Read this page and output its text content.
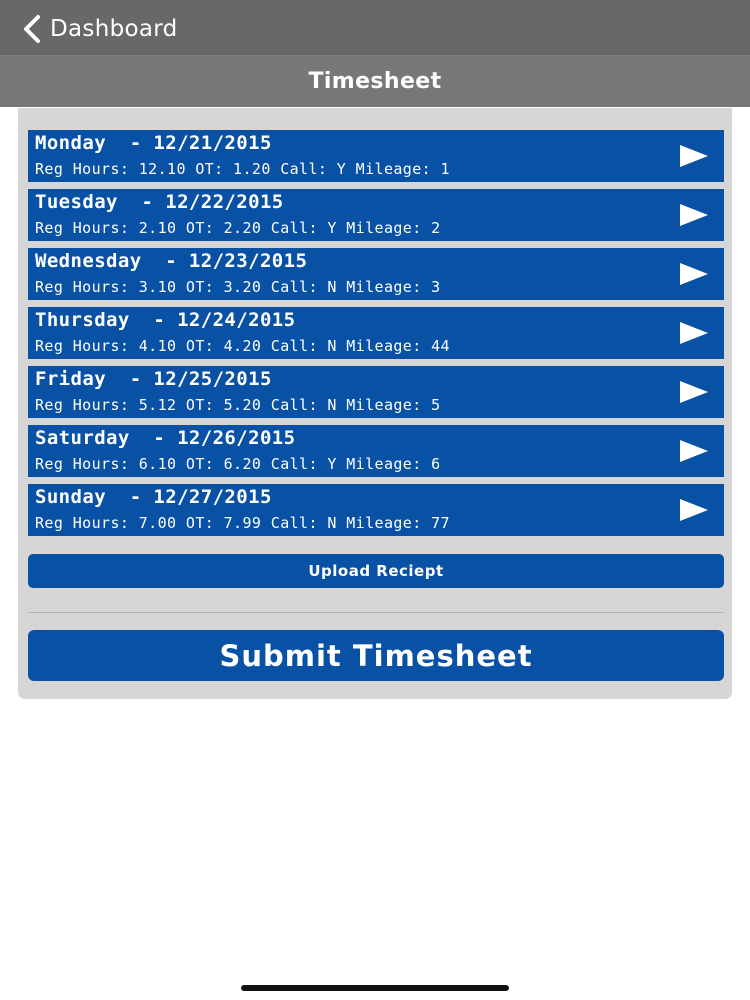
Dashboard
Timesheet
Monday  - 12/21/2015
Reg Hours: 12.10 OT: 1.20 Call: Y Mileage: 1
Tuesday  - 12/22/2015
Reg Hours: 2.10 OT: 2.20 Call: Y Mileage: 2
Wednesday  - 12/23/2015
Reg Hours: 3.10 OT: 3.20 Call: N Mileage: 3
Thursday  - 12/24/2015
Reg Hours: 4.10 OT: 4.20 Call: N Mileage: 44
Friday  - 12/25/2015
Reg Hours: 5.12 OT: 5.20 Call: N Mileage: 5
Saturday  - 12/26/2015
Reg Hours: 6.10 OT: 6.20 Call: Y Mileage: 6
Sunday  - 12/27/2015
Reg Hours: 7.00 OT: 7.99 Call: N Mileage: 77
Upload Reciept
Submit Timesheet
